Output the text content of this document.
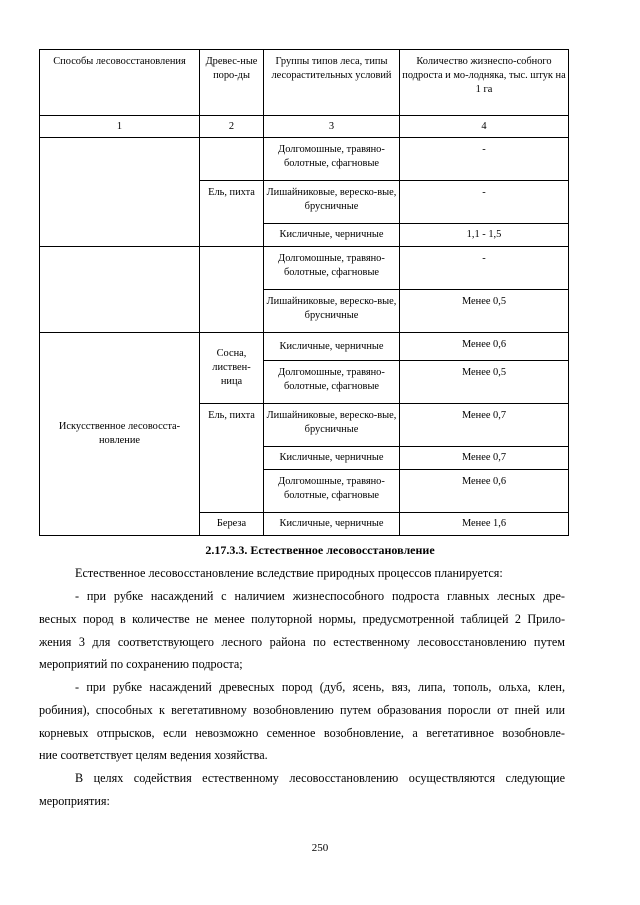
Способы лесовосстановления	Древес-ные поро-ды	Группы типов леса, типы лесорастительных условий	Количество жизнеспо-собного подроста и мо-лодняка, тыс. штук на 1 га
1	2	3	4
		Долгомошные, травяно-болотные, сфагновые	-
	Ель, пихта	Лишайниковые, вереско-вые, брусничные	-
		Кисличные, черничные	1,1 - 1,5
		Долгомошные, травяно-болотные, сфагновые	-
		Лишайниковые, вереско-вые, брусничные	Менее 0,5
Искусственное лесовосста-новление	Сосна, листвен-ница	Кисличные, черничные	Менее 0,6
		Долгомошные, травяно-болотные, сфагновые	Менее 0,5
	Ель, пихта	Лишайниковые, вереско-вые, брусничные	Менее 0,7
		Кисличные, черничные	Менее 0,7
		Долгомошные, травяно-болотные, сфагновые	Менее 0,6
	Береза	Кисличные, черничные	Менее 1,6
2.17.3.3. Естественное лесовосстановление
Естественное лесовосстановление вследствие природных процессов планируется:
- при рубке насаждений с наличием жизнеспособного подроста главных лесных дре-
весных пород в количестве не менее полуторной нормы, предусмотренной таблицей 2 Прило-
жения 3 для соответствующего лесного района по естественному лесовосстановлению путем
мероприятий по сохранению подроста;
- при рубке насаждений древесных пород (дуб, ясень, вяз, липа, тополь, ольха, клен,
робиния), способных к вегетативному возобновлению путем образования поросли от пней или
корневых отпрысков, если невозможно семенное возобновление, а вегетативное возобновле-
ние соответствует целям ведения хозяйства.
В целях содействия естественному лесовосстановлению осуществляются следующие
мероприятия:
250
